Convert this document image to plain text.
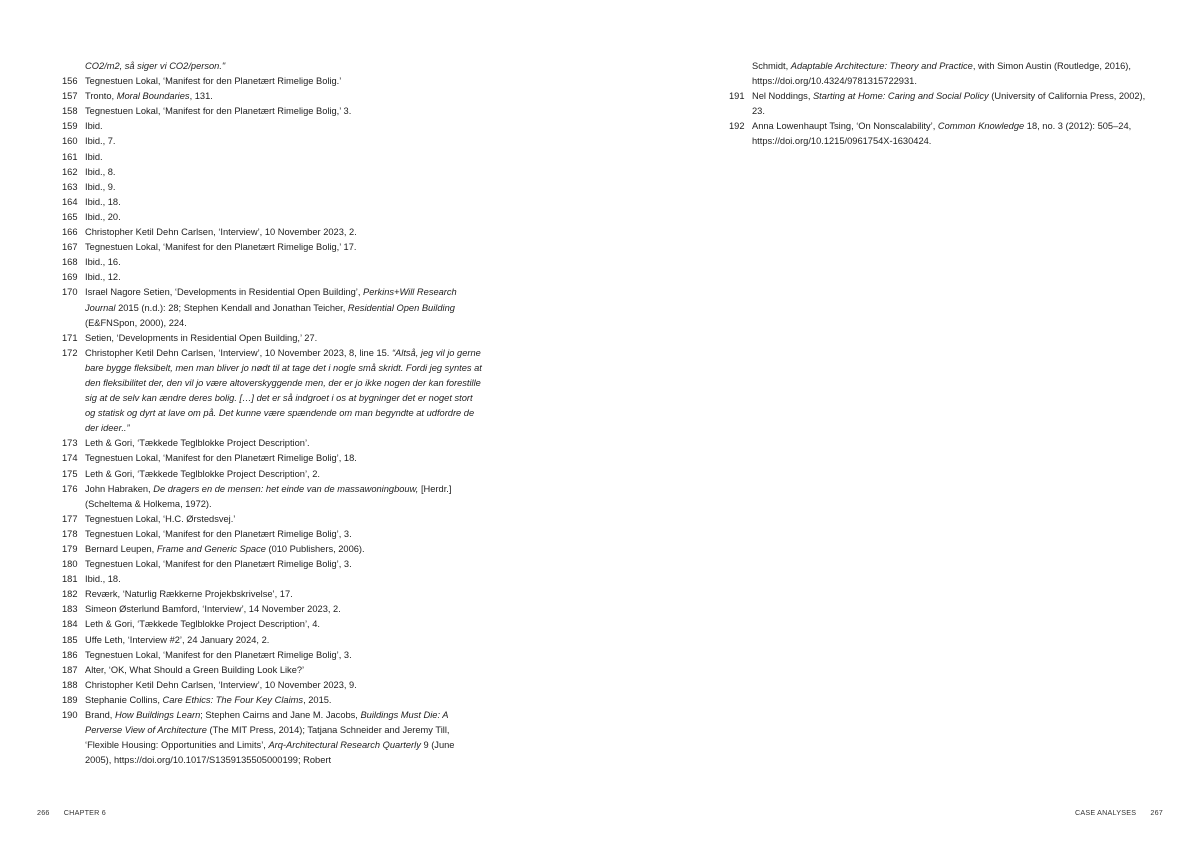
CO2/m2, så siger vi CO2/person."
156 Tegnestuen Lokal, ‘Manifest for den Planetært Rimelige Bolig.’
157 Tronto, Moral Boundaries, 131.
158 Tegnestuen Lokal, ‘Manifest for den Planetært Rimelige Bolig,’ 3.
159 Ibid.
160 Ibid., 7.
161 Ibid.
162 Ibid., 8.
163 Ibid., 9.
164 Ibid., 18.
165 Ibid., 20.
166 Christopher Ketil Dehn Carlsen, ‘Interview’, 10 November 2023, 2.
167 Tegnestuen Lokal, ‘Manifest for den Planetært Rimelige Bolig,’ 17.
168 Ibid., 16.
169 Ibid., 12.
170 Israel Nagore Setien, ‘Developments in Residential Open Building’, Perkins+Will Research Journal 2015 (n.d.): 28; Stephen Kendall and Jonathan Teicher, Residential Open Building (E&FNSpon, 2000), 224.
171 Setien, ‘Developments in Residential Open Building,’ 27.
172 Christopher Ketil Dehn Carlsen, ‘Interview’, 10 November 2023, 8, line 15. “Altså, jeg vil jo gerne bare bygge fleksibelt, men man bliver jo nødt til at tage det i nogle små skridt. Fordi jeg syntes at den fleksibilitet der, den vil jo være altoverskyggende men, der er jo ikke nogen der kan forestille sig at de selv kan ændre deres bolig. […] det er så indgroet i os at bygninger det er noget stort og statisk og dyrt at lave om på. Det kunne være spændende om man begyndte at udfordre de der ideer..”
173 Leth & Gori, ‘Tækkede Teglblokke Project Description’.
174 Tegnestuen Lokal, ‘Manifest for den Planetært Rimelige Bolig’, 18.
175 Leth & Gori, ‘Tækkede Teglblokke Project Description’, 2.
176 John Habraken, De dragers en de mensen: het einde van de massawoningbouw, [Herdr.] (Scheltema & Holkema, 1972).
177 Tegnestuen Lokal, ‘H.C. Ørstedsvej.’
178 Tegnestuen Lokal, ‘Manifest for den Planetært Rimelige Bolig’, 3.
179 Bernard Leupen, Frame and Generic Space (010 Publishers, 2006).
180 Tegnestuen Lokal, ‘Manifest for den Planetært Rimelige Bolig’, 3.
181 Ibid., 18.
182 Reværk, ‘Naturlig Rækkerne Projekbskrivelse’, 17.
183 Simeon Østerlund Bamford, ‘Interview’, 14 November 2023, 2.
184 Leth & Gori, ‘Tækkede Teglblokke Project Description’, 4.
185 Uffe Leth, ‘Interview #2’, 24 January 2024, 2.
186 Tegnestuen Lokal, ‘Manifest for den Planetært Rimelige Bolig’, 3.
187 Alter, ‘OK, What Should a Green Building Look Like?’
188 Christopher Ketil Dehn Carlsen, ‘Interview’, 10 November 2023, 9.
189 Stephanie Collins, Care Ethics: The Four Key Claims, 2015.
190 Brand, How Buildings Learn; Stephen Cairns and Jane M. Jacobs, Buildings Must Die: A Perverse View of Architecture (The MIT Press, 2014); Tatjana Schneider and Jeremy Till, ‘Flexible Housing: Opportunities and Limits’, Arq-Architectural Research Quarterly 9 (June 2005), https://doi.org/10.1017/S1359135505000199; Robert
Schmidt, Adaptable Architecture: Theory and Practice, with Simon Austin (Routledge, 2016), https://doi.org/10.4324/9781315722931.
191 Nel Noddings, Starting at Home: Caring and Social Policy (University of California Press, 2002), 23.
192 Anna Lowenhaupt Tsing, ‘On Nonscalability’, Common Knowledge 18, no. 3 (2012): 505–24, https://doi.org/10.1215/0961754X-1630424.
266 CHAPTER 6	CASE ANALYSES 267
